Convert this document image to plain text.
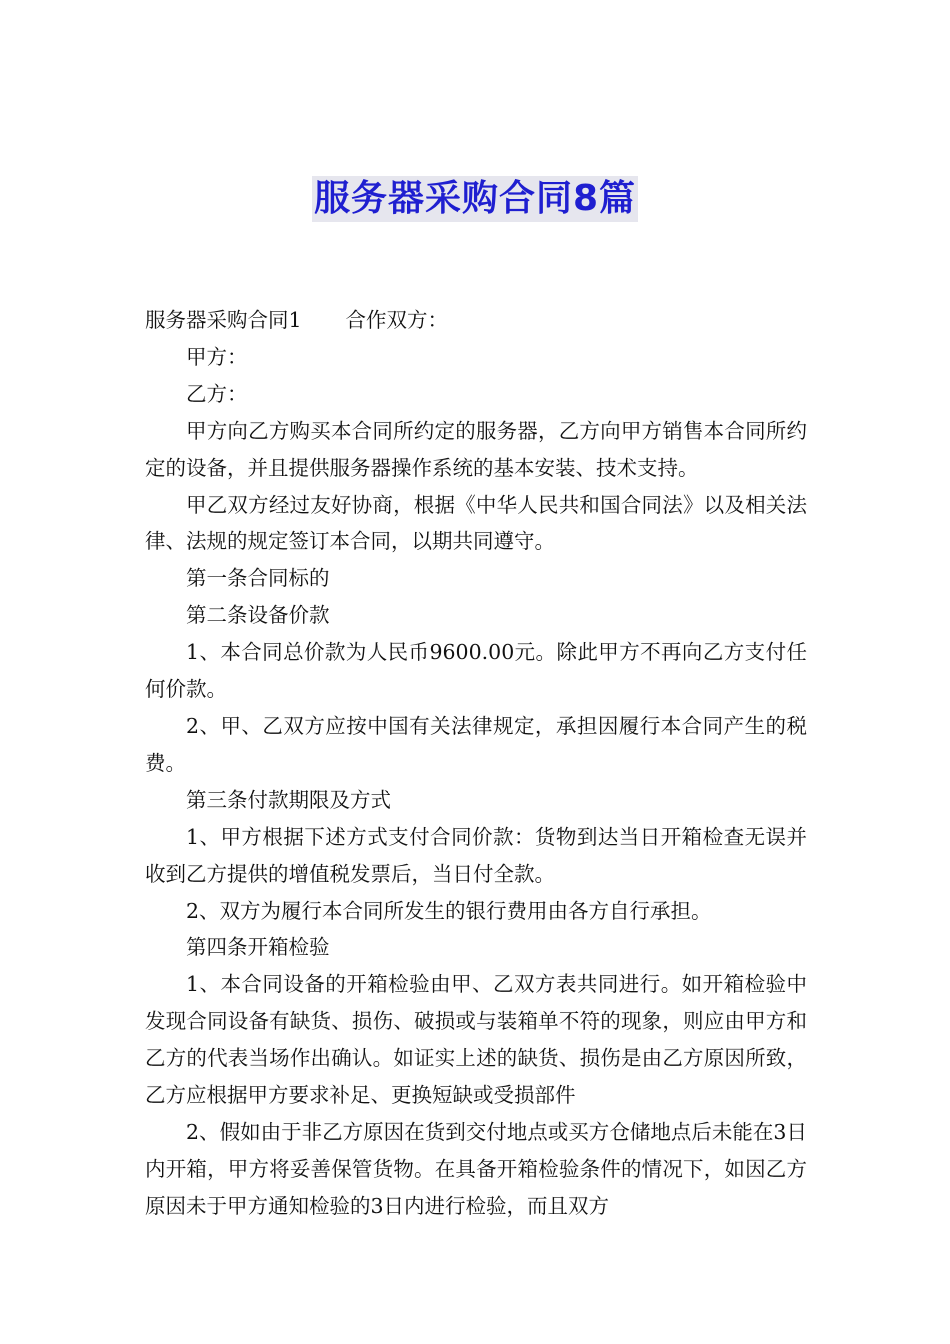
服务器采购合同8篇

服务器采购合同1 合作双方：

甲方：

乙方：

甲方向乙方购买本合同所约定的服务器，乙方向甲方销售本合同所约定的设备，并且提供服务器操作系统的基本安装、技术支持。

甲乙双方经过友好协商，根据《中华人民共和国合同法》以及相关法律、法规的规定签订本合同，以期共同遵守。

第一条合同标的

第二条设备价款

1、本合同总价款为人民币9600.00元。除此甲方不再向乙方支付任何价款。

2、甲、乙双方应按中国有关法律规定，承担因履行本合同产生的税费。

第三条付款期限及方式

1、甲方根据下述方式支付合同价款：货物到达当日开箱检查无误并收到乙方提供的增值税发票后，当日付全款。

2、双方为履行本合同所发生的银行费用由各方自行承担。

第四条开箱检验

1、本合同设备的开箱检验由甲、乙双方表共同进行。如开箱检验中发现合同设备有缺货、损伤、破损或与装箱单不符的现象，则应由甲方和乙方的代表当场作出确认。如证实上述的缺货、损伤是由乙方原因所致，乙方应根据甲方要求补足、更换短缺或受损部件

2、假如由于非乙方原因在货到交付地点或买方仓储地点后未能在3日内开箱，甲方将妥善保管货物。在具备开箱检验条件的情况下，如因乙方原因未于甲方通知检验的3日内进行检验，而且双方
